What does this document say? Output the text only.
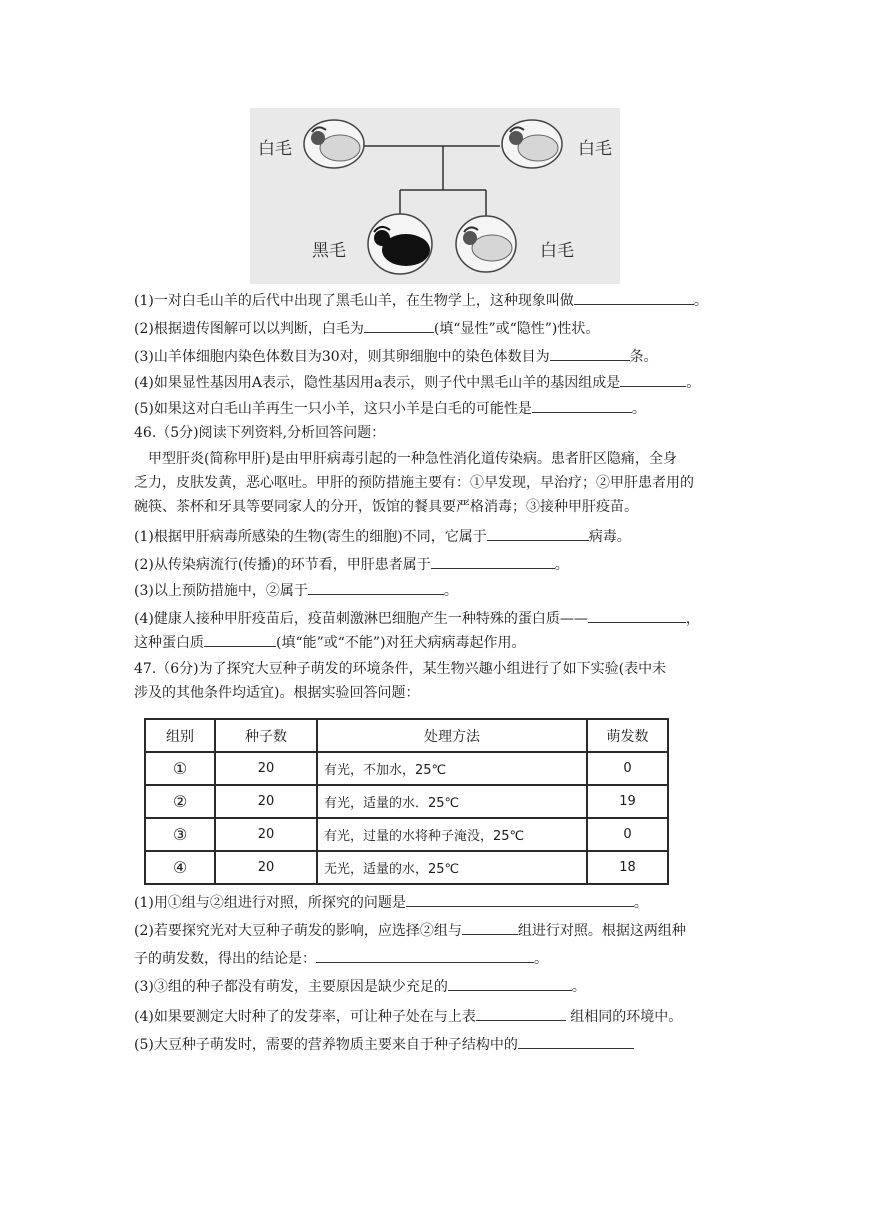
白毛	白毛
黑毛	白毛
(1)一对白毛山羊的后代中出现了黑毛山羊，在生物学上，这种现象叫做	。
(2)根据遗传图解可以以判断，白毛为	(填“显性”或“隐性”)性状。
(3)山羊体细胞内染色体数目为30对，则其卵细胞中的染色体数目为	条。
(4)如果显性基因用A表示，隐性基因用a表示，则子代中黑毛山羊的基因组成是	。
(5)如果这对白毛山羊再生一只小羊，这只小羊是白毛的可能性是	。
46.（5分)阅读下列资料,分析回答问题：
甲型肝炎(简称甲肝)是由甲肝病毒引起的一种急性消化道传染病。患者肝区隐痛，全身
乏力，皮肤发黄，恶心呕吐。甲肝的预防措施主要有：①早发现，早治疗；②甲肝患者用的
碗筷、茶杯和牙具等要同家人的分开，饭馆的餐具要严格消毒；③接种甲肝疫苗。
(1)根据甲肝病毒所感染的生物(寄生的细胞)不同，它属于	病毒。
(2)从传染病流行(传播)的环节看，甲肝患者属于	。
(3)以上预防措施中，②属于	。
(4)健康人接种甲肝疫苗后，疫苗刺激淋巴细胞产生一种特殊的蛋白质——	，
这种蛋白质	(填“能”或“不能”)对狂犬病病毒起作用。
47.（6分)为了探究大豆种子萌发的环境条件，某生物兴趣小组进行了如下实验(表中未
涉及的其他条件均适宜)。根据实验回答问题：
组别	种子数	处理方法	萌发数
①	20	有光，不加水，25℃	0
②	20	有光，适量的水．25℃	19
③	20	有光，过量的水将种子淹没，25℃	0
④	20	无光，适量的水，25℃	18
(1)用①组与②组进行对照，所探究的问题是	。
(2)若要探究光对大豆种子萌发的影响，应选择②组与	组进行对照。根据这两组种
子的萌发数，得出的结论是：	。
(3)③组的种子都没有萌发，主要原因是缺少充足的	。
(4)如果要测定大时种了的发芽率，可让种子处在与上表	组相同的环境中。
(5)大豆种子萌发时，需要的营养物质主要来自于种子结构中的
